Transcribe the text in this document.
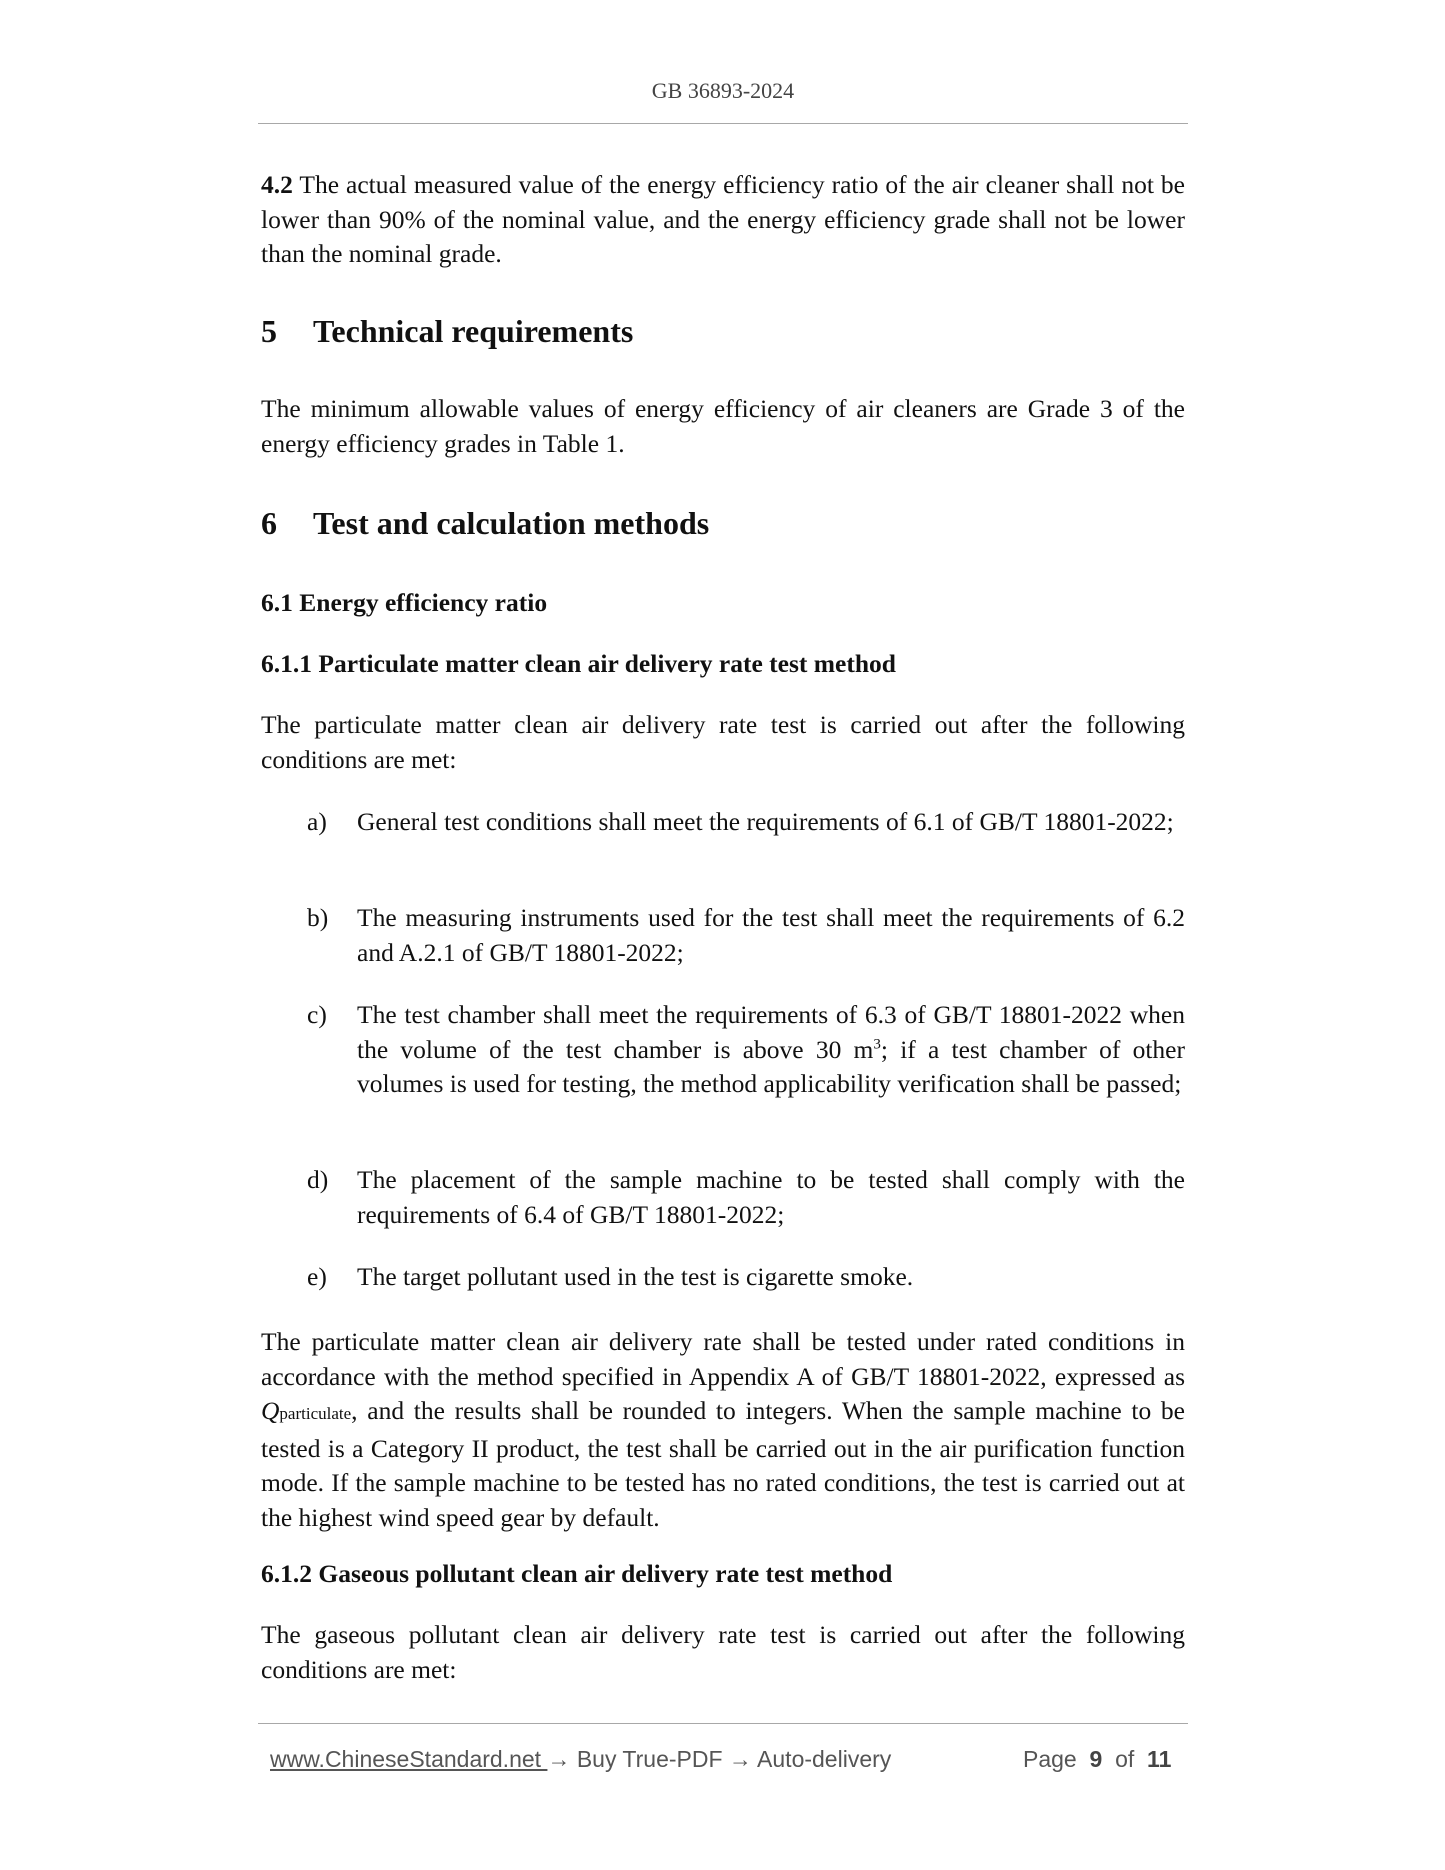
GB 36893-2024
4.2 The actual measured value of the energy efficiency ratio of the air cleaner shall not be lower than 90% of the nominal value, and the energy efficiency grade shall not be lower than the nominal grade.
5 Technical requirements
The minimum allowable values of energy efficiency of air cleaners are Grade 3 of the energy efficiency grades in Table 1.
6 Test and calculation methods
6.1 Energy efficiency ratio
6.1.1 Particulate matter clean air delivery rate test method
The particulate matter clean air delivery rate test is carried out after the following conditions are met:
a) General test conditions shall meet the requirements of 6.1 of GB/T 18801-2022;
b) The measuring instruments used for the test shall meet the requirements of 6.2 and A.2.1 of GB/T 18801-2022;
c) The test chamber shall meet the requirements of 6.3 of GB/T 18801-2022 when the volume of the test chamber is above 30 $m^3$; if a test chamber of other volumes is used for testing, the method applicability verification shall be passed;
d) The placement of the sample machine to be tested shall comply with the requirements of 6.4 of GB/T 18801-2022;
e) The target pollutant used in the test is cigarette smoke.
The particulate matter clean air delivery rate shall be tested under rated conditions in accordance with the method specified in Appendix A of GB/T 18801-2022, expressed as Qparticulate, and the results shall be rounded to integers. When the sample machine to be tested is a Category II product, the test shall be carried out in the air purification function mode. If the sample machine to be tested has no rated conditions, the test is carried out at the highest wind speed gear by default.
6.1.2 Gaseous pollutant clean air delivery rate test method
The gaseous pollutant clean air delivery rate test is carried out after the following conditions are met:
www.ChineseStandard.net → Buy True-PDF → Auto-delivery	Page 9 of 11
